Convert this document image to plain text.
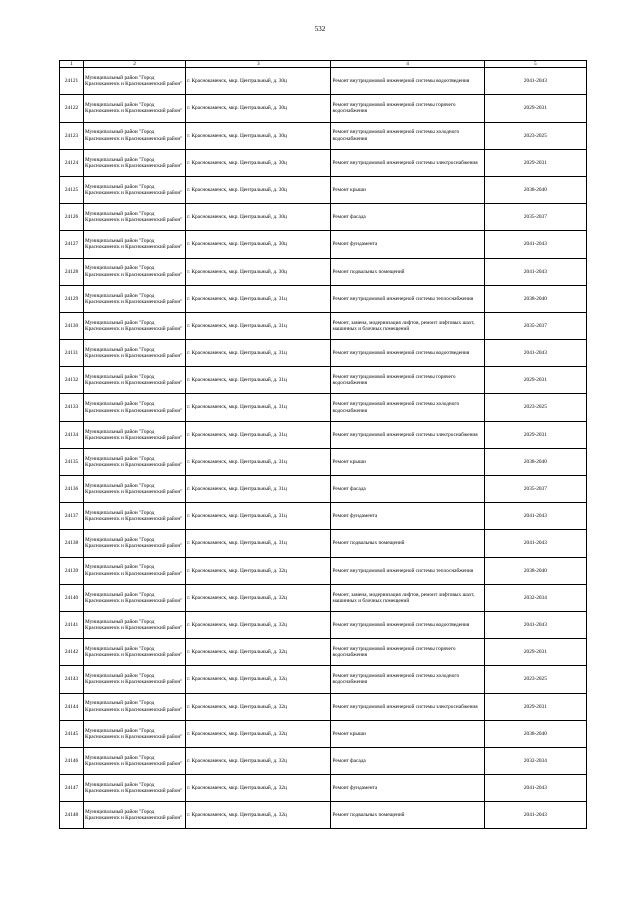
532
1	2	3	4	5
24121	Муниципальный район "Город Краснокаменск и Краснокаменский район"	г. Краснокаменск, мкр. Центральный, д. 30ц	Ремонт внутридомовой инженерной системы водоотведения	2041-2043
24122	Муниципальный район "Город Краснокаменск и Краснокаменский район"	г. Краснокаменск, мкр. Центральный, д. 30ц	Ремонт внутридомовой инженерной системы горячего водоснабжения	2029-2031
24123	Муниципальный район "Город Краснокаменск и Краснокаменский район"	г. Краснокаменск, мкр. Центральный, д. 30ц	Ремонт внутридомовой инженерной системы холодного водоснабжения	2023-2025
24124	Муниципальный район "Город Краснокаменск и Краснокаменский район"	г. Краснокаменск, мкр. Центральный, д. 30ц	Ремонт внутридомовой инженерной системы электроснабжения	2029-2031
24125	Муниципальный район "Город Краснокаменск и Краснокаменский район"	г. Краснокаменск, мкр. Центральный, д. 30ц	Ремонт крыши	2038-2040
24126	Муниципальный район "Город Краснокаменск и Краснокаменский район"	г. Краснокаменск, мкр. Центральный, д. 30ц	Ремонт фасада	2035-2037
24127	Муниципальный район "Город Краснокаменск и Краснокаменский район"	г. Краснокаменск, мкр. Центральный, д. 30ц	Ремонт фундамента	2041-2043
24128	Муниципальный район "Город Краснокаменск и Краснокаменский район"	г. Краснокаменск, мкр. Центральный, д. 30ц	Ремонт подвальных помещений	2041-2043
24129	Муниципальный район "Город Краснокаменск и Краснокаменский район"	г. Краснокаменск, мкр. Центральный, д. 31ц	Ремонт внутридомовой инженерной системы теплоснабжения	2038-2040
24130	Муниципальный район "Город Краснокаменск и Краснокаменский район"	г. Краснокаменск, мкр. Центральный, д. 31ц	Ремонт, замена, модернизация лифтов, ремонт лифтовых шахт, машинных и блочных помещений	2035-2037
24131	Муниципальный район "Город Краснокаменск и Краснокаменский район"	г. Краснокаменск, мкр. Центральный, д. 31ц	Ремонт внутридомовой инженерной системы водоотведения	2041-2043
24132	Муниципальный район "Город Краснокаменск и Краснокаменский район"	г. Краснокаменск, мкр. Центральный, д. 31ц	Ремонт внутридомовой инженерной системы горячего водоснабжения	2029-2031
24133	Муниципальный район "Город Краснокаменск и Краснокаменский район"	г. Краснокаменск, мкр. Центральный, д. 31ц	Ремонт внутридомовой инженерной системы холодного водоснабжения	2023-2025
24134	Муниципальный район "Город Краснокаменск и Краснокаменский район"	г. Краснокаменск, мкр. Центральный, д. 31ц	Ремонт внутридомовой инженерной системы электроснабжения	2029-2031
24135	Муниципальный район "Город Краснокаменск и Краснокаменский район"	г. Краснокаменск, мкр. Центральный, д. 31ц	Ремонт крыши	2038-2040
24136	Муниципальный район "Город Краснокаменск и Краснокаменский район"	г. Краснокаменск, мкр. Центральный, д. 31ц	Ремонт фасада	2035-2037
24137	Муниципальный район "Город Краснокаменск и Краснокаменский район"	г. Краснокаменск, мкр. Центральный, д. 31ц	Ремонт фундамента	2041-2043
24138	Муниципальный район "Город Краснокаменск и Краснокаменский район"	г. Краснокаменск, мкр. Центральный, д. 31ц	Ремонт подвальных помещений	2041-2043
24139	Муниципальный район "Город Краснокаменск и Краснокаменский район"	г. Краснокаменск, мкр. Центральный, д. 32ц	Ремонт внутридомовой инженерной системы теплоснабжения	2038-2040
24140	Муниципальный район "Город Краснокаменск и Краснокаменский район"	г. Краснокаменск, мкр. Центральный, д. 32ц	Ремонт, замена, модернизация лифтов, ремонт лифтовых шахт, машинных и блочных помещений	2032-2034
24141	Муниципальный район "Город Краснокаменск и Краснокаменский район"	г. Краснокаменск, мкр. Центральный, д. 32ц	Ремонт внутридомовой инженерной системы водоотведения	2041-2043
24142	Муниципальный район "Город Краснокаменск и Краснокаменский район"	г. Краснокаменск, мкр. Центральный, д. 32ц	Ремонт внутридомовой инженерной системы горячего водоснабжения	2029-2031
24143	Муниципальный район "Город Краснокаменск и Краснокаменский район"	г. Краснокаменск, мкр. Центральный, д. 32ц	Ремонт внутридомовой инженерной системы холодного водоснабжения	2023-2025
24144	Муниципальный район "Город Краснокаменск и Краснокаменский район"	г. Краснокаменск, мкр. Центральный, д. 32ц	Ремонт внутридомовой инженерной системы электроснабжения	2029-2031
24145	Муниципальный район "Город Краснокаменск и Краснокаменский район"	г. Краснокаменск, мкр. Центральный, д. 32ц	Ремонт крыши	2038-2040
24146	Муниципальный район "Город Краснокаменск и Краснокаменский район"	г. Краснокаменск, мкр. Центральный, д. 32ц	Ремонт фасада	2032-2034
24147	Муниципальный район "Город Краснокаменск и Краснокаменский район"	г. Краснокаменск, мкр. Центральный, д. 32ц	Ремонт фундамента	2041-2043
24148	Муниципальный район "Город Краснокаменск и Краснокаменский район"	г. Краснокаменск, мкр. Центральный, д. 32ц	Ремонт подвальных помещений	2041-2043
